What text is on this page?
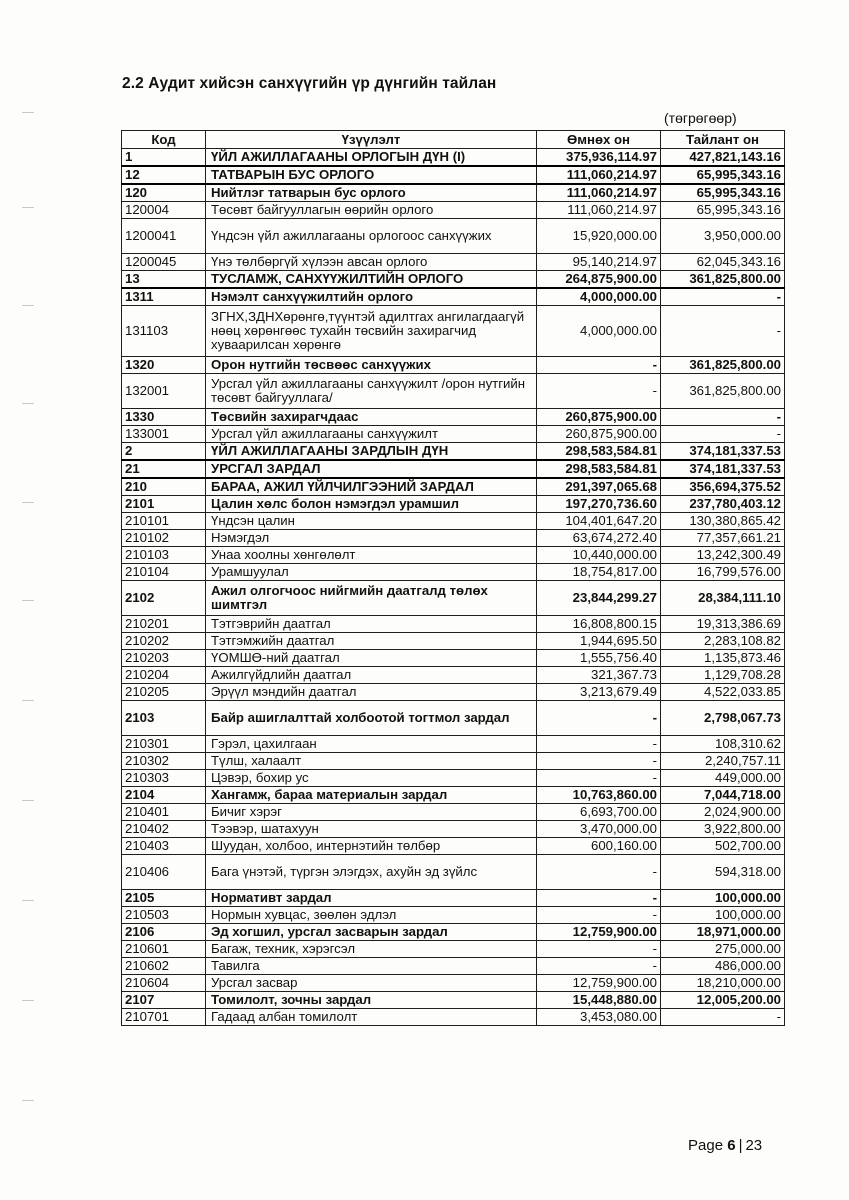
2.2 Аудит хийсэн санхүүгийн үр дүнгийн тайлан
(төгрөгөөр)
Код	Үзүүлэлт	Өмнөх он	Тайлант он
1	ҮЙЛ АЖИЛЛАГААНЫ ОРЛОГЫН ДҮН (I)	375,936,114.97	427,821,143.16
12	ТАТВАРЫН БУС ОРЛОГО	111,060,214.97	65,995,343.16
120	Нийтлэг татварын бус орлого	111,060,214.97	65,995,343.16
120004	Төсөвт байгууллагын өөрийн орлого	111,060,214.97	65,995,343.16
1200041	Үндсэн үйл ажиллагааны орлогоос санхүүжих	15,920,000.00	3,950,000.00
1200045	Үнэ төлбөргүй хүлээн авсан орлого	95,140,214.97	62,045,343.16
13	ТУСЛАМЖ, САНХҮҮЖИЛТИЙН ОРЛОГО	264,875,900.00	361,825,800.00
1311	Нэмэлт санхүүжилтийн орлого	4,000,000.00	-
131103	ЗГНХ,ЗДНХөрөнгө,түүнтэй адилтгах ангилагдаагүй нөөц хөрөнгөөс тухайн төсвийн захирагчид хуваарилсан хөрөнгө	4,000,000.00	-
1320	Орон нутгийн төсвөөс санхүүжих	-	361,825,800.00
132001	Урсгал үйл ажиллагааны санхүүжилт /орон нутгийн төсөвт байгууллага/	-	361,825,800.00
1330	Төсвийн захирагчдаас	260,875,900.00	-
133001	Урсгал үйл ажиллагааны санхүүжилт	260,875,900.00	-
2	ҮЙЛ АЖИЛЛАГААНЫ ЗАРДЛЫН ДҮН	298,583,584.81	374,181,337.53
21	УРСГАЛ ЗАРДАЛ	298,583,584.81	374,181,337.53
210	БАРАА, АЖИЛ ҮЙЛЧИЛГЭЭНИЙ ЗАРДАЛ	291,397,065.68	356,694,375.52
2101	Цалин хөлс болон нэмэгдэл урамшил	197,270,736.60	237,780,403.12
210101	Үндсэн цалин	104,401,647.20	130,380,865.42
210102	Нэмэгдэл	63,674,272.40	77,357,661.21
210103	Унаа хоолны хөнгөлөлт	10,440,000.00	13,242,300.49
210104	Урамшуулал	18,754,817.00	16,799,576.00
2102	Ажил олгогчоос нийгмийн даатгалд төлөх шимтгэл	23,844,299.27	28,384,111.10
210201	Тэтгэврийн даатгал	16,808,800.15	19,313,386.69
210202	Тэтгэмжийн даатгал	1,944,695.50	2,283,108.82
210203	ҮОМШӨ-ний даатгал	1,555,756.40	1,135,873.46
210204	Ажилгүйдлийн даатгал	321,367.73	1,129,708.28
210205	Эрүүл мэндийн даатгал	3,213,679.49	4,522,033.85
2103	Байр ашиглалттай холбоотой тогтмол зардал	-	2,798,067.73
210301	Гэрэл, цахилгаан	-	108,310.62
210302	Түлш, халаалт	-	2,240,757.11
210303	Цэвэр, бохир ус	-	449,000.00
2104	Хангамж, бараа материалын зардал	10,763,860.00	7,044,718.00
210401	Бичиг хэрэг	6,693,700.00	2,024,900.00
210402	Тээвэр, шатахуун	3,470,000.00	3,922,800.00
210403	Шуудан, холбоо, интернэтийн төлбөр	600,160.00	502,700.00
210406	Бага үнэтэй, түргэн элэгдэх, ахуйн эд зүйлс	-	594,318.00
2105	Нормативт зардал	-	100,000.00
210503	Нормын хувцас, зөөлөн эдлэл	-	100,000.00
2106	Эд хогшил, урсгал засварын зардал	12,759,900.00	18,971,000.00
210601	Багаж, техник, хэрэгсэл	-	275,000.00
210602	Тавилга	-	486,000.00
210604	Урсгал засвар	12,759,900.00	18,210,000.00
2107	Томилолт, зочны зардал	15,448,880.00	12,005,200.00
210701	Гадаад албан томилолт	3,453,080.00	-
Page 6 | 23
